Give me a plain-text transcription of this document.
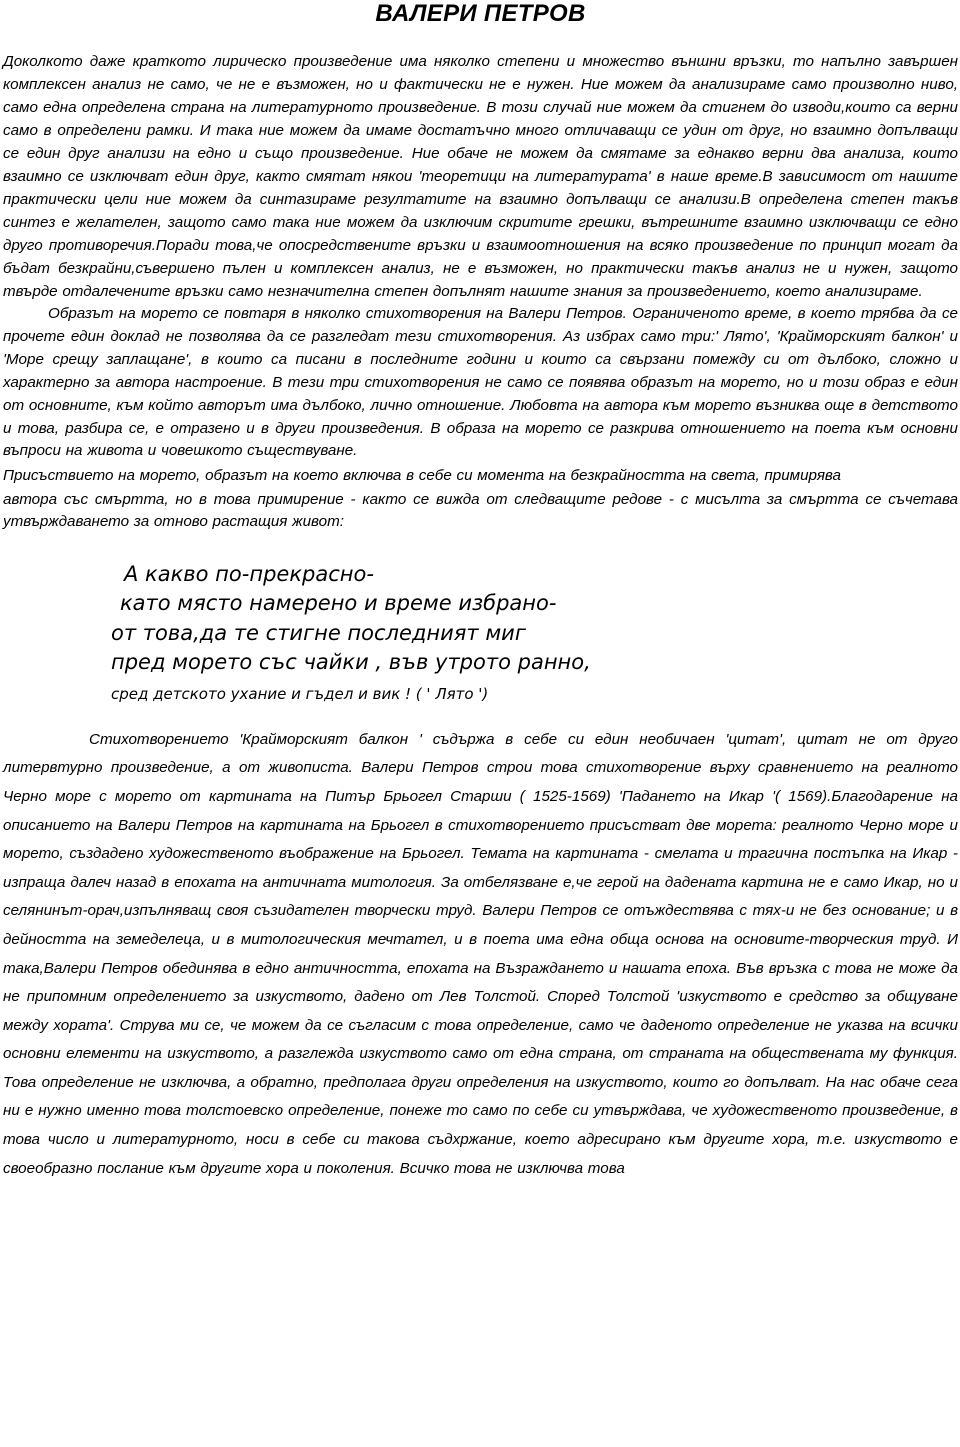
ВАЛЕРИ ПЕТРОВ

Доколкото даже краткото лирическо произведение има няколко степени и множество външни връзки, то напълно завършен комплексен анализ не само, че не е възможен, но и фактически не е нужен. Ние можем да анализираме само произволно ниво, само една определена страна на литературното произведение. В този случай ние можем да стигнем до изводи,които са верни само в определени рамки. И така ние можем да имаме достатъчно много отличаващи се удин от друг, но взаимно допълващи се един друг анализи на едно и също произведение. Ние обаче не можем да смятаме за еднакво верни два анализа, които взаимно се изключват един друг, както смятат някои 'теоретици на литературата' в наше време.В зависимост от нашите практически цели ние можем да синтазираме резултатите на взаимно допълващи се анализи.В определена степен такъв синтез е желателен, защото само така ние можем да изключим скритите грешки, вътрешните взаимно изключващи се едно друго противоречия.Поради това,че опосредствените връзки и взаимоотношения на всяко произведение по принцип могат да бъдат безкрайни,съвершено пълен и комплексен анализ, не е възможен, но практически такъв анализ не и нужен, защото твърде отдалечените връзки само незначителна степен допълнят нашите знания за произведението, което анализираме.

Образът на морето се повтаря в няколко стихотворения на Валери Петров. Ограниченото време, в което трябва да се прочете един доклад не позволява да се разгледат тези стихотворения. Аз избрах само три:' Лято', 'Крайморският балкон' и 'Море срещу заплащане', в които са писани в последните години и които са свързани помежду си от дълбоко, сложно и характерно за автора настроение. В тези три стихотворения не само се появява образът на морето, но и този образ е един от основните, към който авторът има дълбоко, лично отношение. Любовта на автора към морето възниква още в детството и това, разбира се, е отразено и в други произведения. В образа на морето се разкрива отношението на поета към основни въпроси на живота и човешкото съществуване.

Присъствието на морето, образът на което включва в себе си момента на безкрайността на света, примирява

автора със смъртта, но в това примирение - както се вижда от следващите редове - с мисълта за смъртта се съчетава утвърждаването за отново растащия живот:

А какво по-прекрасно-

като място намерено и време избрано-

от това,да те стигне последният миг

пред морето със чайки , във утрото ранно,

сред детското ухание и гъдел и вик ! ( ' Лято ')

Стихотворението 'Крайморският балкон ' съдържа в себе си един необичаен 'цитат', цитат не от друго литервтурно произведение, а от живописта. Валери Петров строи това стихотворение върху сравнението на реалното Черно море с морето от картината на Питър Брьогел Старши ( 1525-1569) 'Падането на Икар '( 1569).Благодарение на описанието на Валери Петров на картината на Брьогел в стихотворението присъстват две морета: реалното Черно море и морето, създадено художественото въображение на Брьогел. Темата на картината - смелата и трагична постъпка на Икар - изпраща далеч назад в епохата на античната митология. За отбелязване е,че герой на дадената картина не е само Икар, но и селянинът-орач,изпълняващ своя съзидателен творчески труд. Валери Петров се отъждествява с тях-и не без основание; и в дейността на земеделеца, и в митологическия мечтател, и в поета има една обща основа на основите-творческия труд. И така,Валери Петров обединява в едно античността, епохата на Възраждането и нашата епоха. Във връзка с това не може да не припомним определението за изкуството, дадено от Лев Толстой. Според Толстой 'изкуството е средство за общуване между хората'. Струва ми се, че можем да се съгласим с това определение, само че даденото определение не указва на всички основни елементи на изкуството, а разглежда изкуството само от една страна, от страната на обществената му функция. Това определение не изключва, а обратно, предполага други определения на изкуството, които го допълват. На нас обаче сега ни е нужно именно това толстоевско определение, понеже то само по себе си утвърждава, че художественото произведение, в това число и литературното, носи в себе си такова съдхржание, което адресирано към другите хора, т.е. изкуството е своеобразно послание към другите хора и поколения. Всичко това не изключва това
